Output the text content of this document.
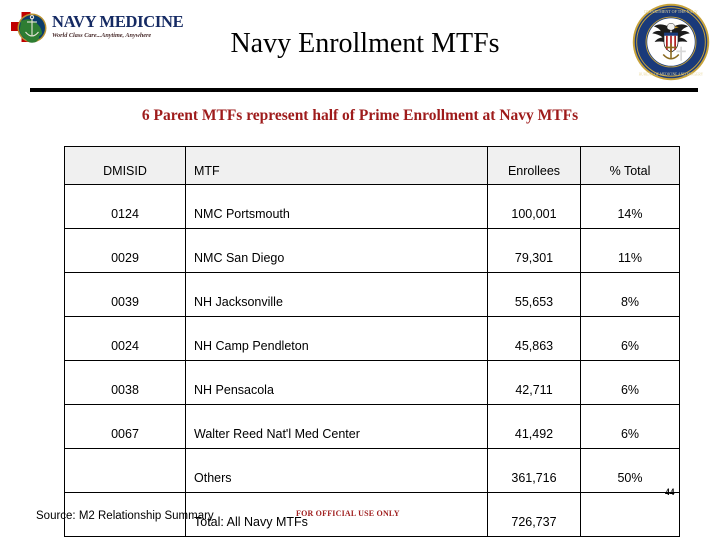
NAVY MEDICINE
World Class Care...Anytime, Anywhere
DEPARTMENT OF THE NAVY
BUREAU OF MEDICINE AND SURGERY
Navy Enrollment MTFs
6 Parent MTFs represent half of Prime Enrollment at Navy MTFs
DMISID	MTF	Enrollees	% Total
0124	NMC Portsmouth	100,001	14%
0029	NMC San Diego	79,301	11%
0039	NH Jacksonville	55,653	8%
0024	NH Camp Pendleton	45,863	6%
0038	NH Pensacola	42,711	6%
0067	Walter Reed Nat'l Med Center	41,492	6%
	Others	361,716	50%
	Total: All Navy MTFs	726,737	
Source: M2 Relationship Summary	FOR OFFICIAL USE ONLY
44
